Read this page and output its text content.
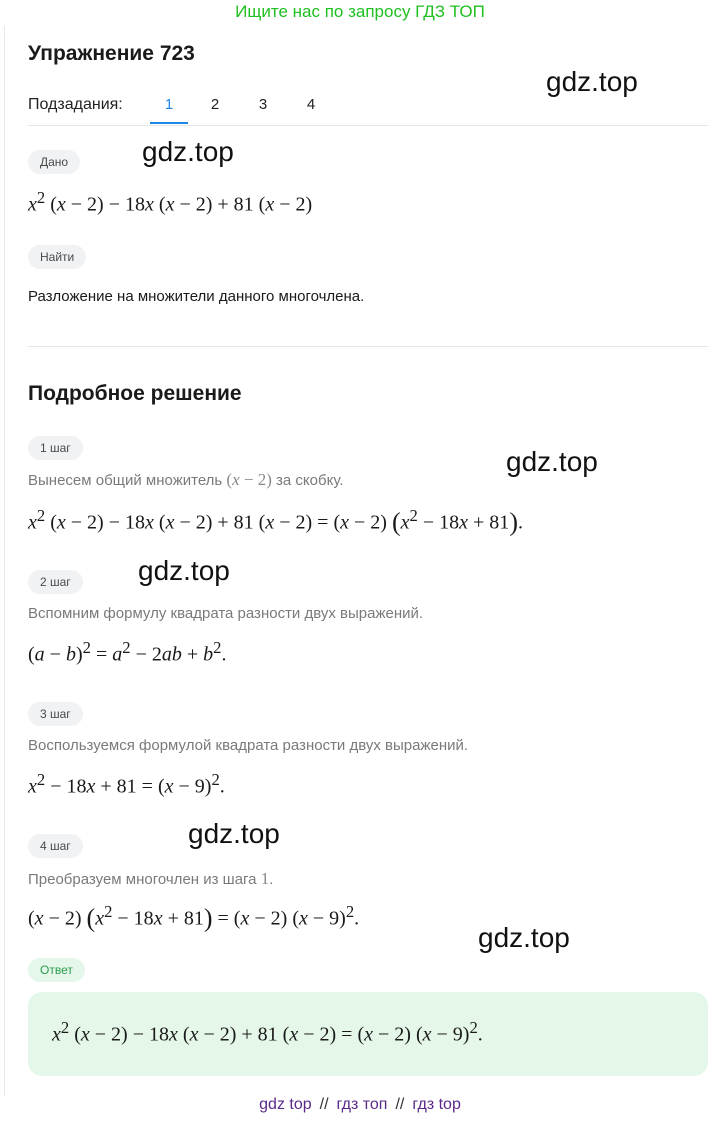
Ищите нас по запросу ГДЗ ТОП
Упражнение 723
Подзадания:	1	2	3	4
Дано
$x^2$ (x − 2) − 18x (x − 2) + 81 (x − 2)
Найти
Разложение на множители данного многочлена.
Подробное решение
1 шаг
Вынесем общий множитель (x − 2) за скобку.
$x^2$ (x − 2) − 18x (x − 2) + 81 (x − 2) = (x − 2) $(x^2 - 18x + 81)$.
2 шаг
Вспомним формулу квадрата разности двух выражений.
$(a - b)^2 = a^2 - 2ab + b^2$.
3 шаг
Воспользуемся формулой квадрата разности двух выражений.
$x^2 - 18x + 81 = (x - 9)^2$.
4 шаг
Преобразуем многочлен из шага 1.
(x − 2) $(x^2 - 18x + 81) = (x - 2) (x - 9)^2$.
Ответ
$x^2$ (x − 2) − 18x (x − 2) + 81 (x − 2) = (x − 2) $(x - 9)^2$.
gdz.top
gdz.top
gdz.top
gdz.top
gdz.top
gdz.top
gdz top // гдз топ // гдз top
